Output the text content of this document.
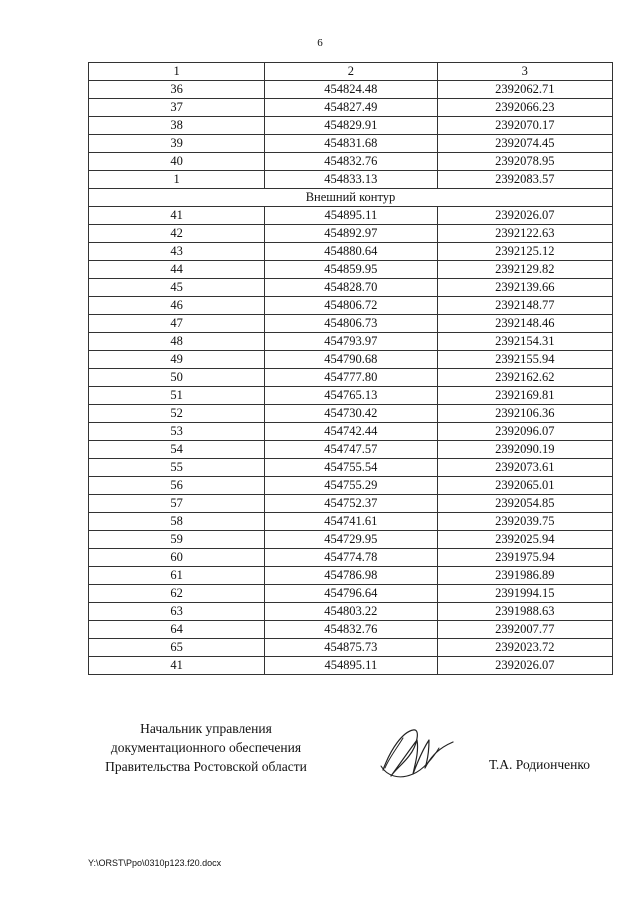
6
1	2	3
36	454824.48	2392062.71
37	454827.49	2392066.23
38	454829.91	2392070.17
39	454831.68	2392074.45
40	454832.76	2392078.95
1	454833.13	2392083.57
Внешний контур		
41	454895.11	2392026.07
42	454892.97	2392122.63
43	454880.64	2392125.12
44	454859.95	2392129.82
45	454828.70	2392139.66
46	454806.72	2392148.77
47	454806.73	2392148.46
48	454793.97	2392154.31
49	454790.68	2392155.94
50	454777.80	2392162.62
51	454765.13	2392169.81
52	454730.42	2392106.36
53	454742.44	2392096.07
54	454747.57	2392090.19
55	454755.54	2392073.61
56	454755.29	2392065.01
57	454752.37	2392054.85
58	454741.61	2392039.75
59	454729.95	2392025.94
60	454774.78	2391975.94
61	454786.98	2391986.89
62	454796.64	2391994.15
63	454803.22	2391988.63
64	454832.76	2392007.77
65	454875.73	2392023.72
41	454895.11	2392026.07
Начальник управления
документационного обеспечения
Правительства Ростовской области	Т.А. Родионченко
Y:\ORST\Ppo\0310p123.f20.docx
